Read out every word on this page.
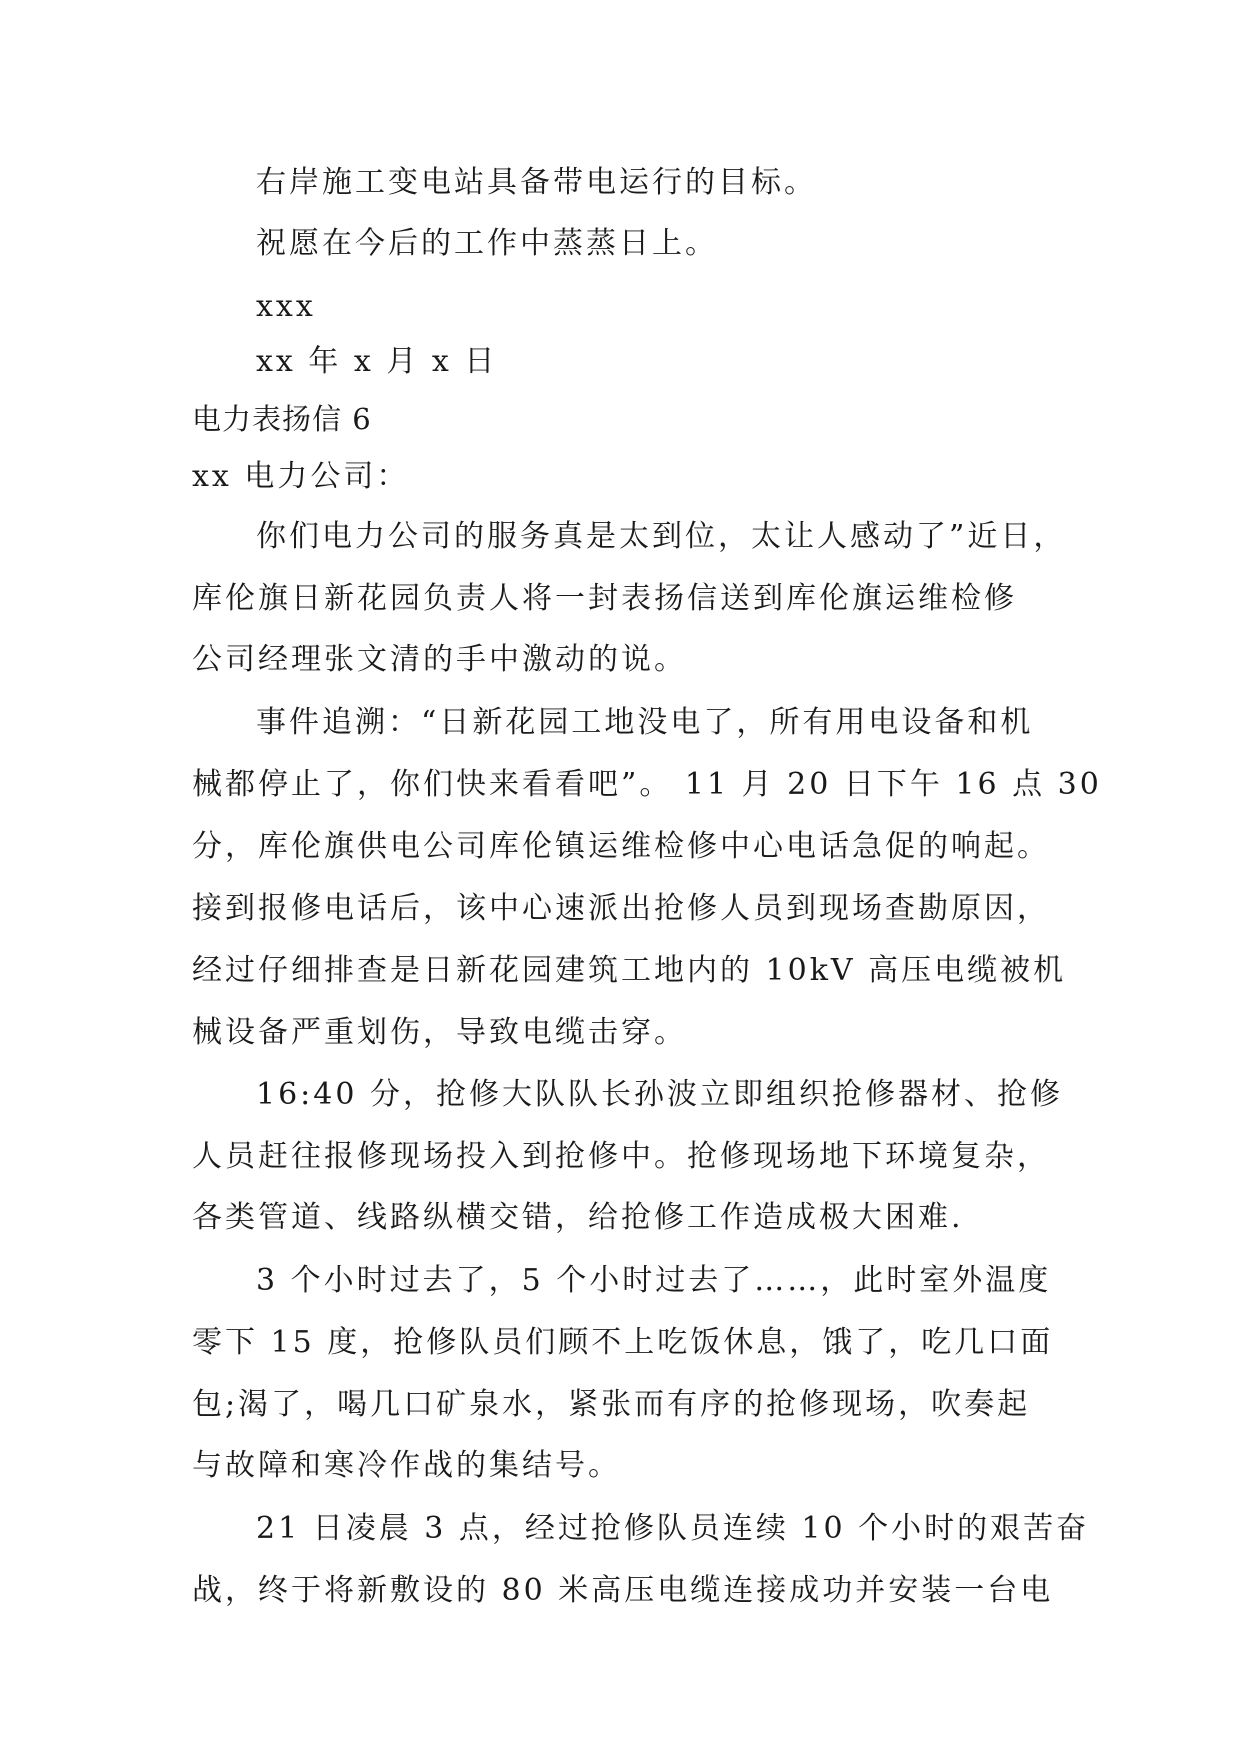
右岸施工变电站具备带电运行的目标。
祝愿在今后的工作中蒸蒸日上。
xxx
xx 年 x 月 x 日
电力表扬信 6
xx 电力公司：
你们电力公司的服务真是太到位，太让人感动了”近日，
库伦旗日新花园负责人将一封表扬信送到库伦旗运维检修
公司经理张文清的手中激动的说。
事件追溯：“日新花园工地没电了，所有用电设备和机
械都停止了，你们快来看看吧”。 11 月 20 日下午 16 点 30
分，库伦旗供电公司库伦镇运维检修中心电话急促的响起。
接到报修电话后，该中心速派出抢修人员到现场查勘原因，
经过仔细排查是日新花园建筑工地内的 10kV 高压电缆被机
械设备严重划伤，导致电缆击穿。
16:40 分，抢修大队队长孙波立即组织抢修器材、抢修
人员赶往报修现场投入到抢修中。抢修现场地下环境复杂，
各类管道、线路纵横交错，给抢修工作造成极大困难.
3 个小时过去了，5 个小时过去了……，此时室外温度
零下 15 度，抢修队员们顾不上吃饭休息，饿了，吃几口面
包;渴了，喝几口矿泉水，紧张而有序的抢修现场，吹奏起
与故障和寒冷作战的集结号。
21 日凌晨 3 点，经过抢修队员连续 10 个小时的艰苦奋
战，终于将新敷设的 80 米高压电缆连接成功并安装一台电
